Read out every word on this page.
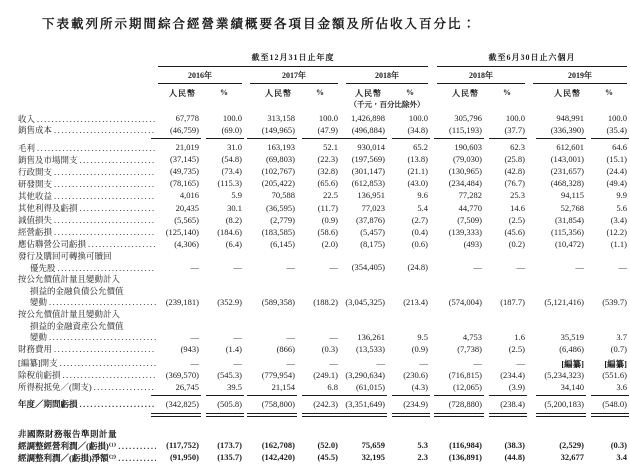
下表載列所示期間綜合經營業績概要各項目金額及所佔收入百分比：
截至12月31日止年度	截至6月30日止六個月
2016年	2017年	2018年	2018年	2019年
人民幣	%	人民幣	%	人民幣	%	人民幣	%	人民幣	%
（千元，百分比除外）
收入 .....	67,778	100.0	313,158	100.0 1,426,898	100.0	305,796	100.0	948,991	100.0
銷售成本 .....	(46,759)	(69.0) (149,965)	(47.9) (496,884)	(34.8) (115,193)	(37.7)	(336,390)	(35.4)
毛利 .....	21,019	31.0	163,193	52.1 930,014	65.2	190,603	62.3	612,601	64.6
銷售及市場開支 .....	(37,145)	(54.8)	(69,803)	(22.3) (197,569)	(13.8)	(79,030)	(25.8)	(143,001)	(15.1)
行政開支 .....	(49,735)	(73.4) (102,767)	(32.8) (301,147)	(21.1) (130,965)	(42.8)	(231,657)	(24.4)
研發開支 .....	(78,165) (115.3) (205,422)	(65.6) (612,853)	(43.0) (234,484)	(76.7)	(468,328)	(49.4)
其他收益 .....	4,016	5.9	70,588	22.5 136,951	9.6	77,282	25.3	94,115	9.9
其他利得及虧損 .....	20,435	30.1	(36,595)	(11.7)	77,023	5.4	44,770	14.6	52,768	5.6
減值損失 .....	(5,565)	(8.2)	(2,779)	(0.9) (37,876)	(2.7)	(7,509)	(2.5)	(31,854)	(3.4)
經營虧損 .....	(125,140) (184.6) (183,585)	(58.6)	(5,457)	(0.4) (139,333)	(45.6)	(115,356)	(12.2)
應佔聯營公司虧損 .....	(4,306)	(6.4)	(6,145)	(2.0)	(8,175)	(0.6)	(493)	(0.2)	(10,472)	(1.1)
發行及購回可轉換可贖回
優先股 .....	—	—	—	— (354,405)	(24.8)	—	—	—	—
按公允價值計量且變動計入
損益的金融負債公允價值
變動 .....	(239,181) (352.9) (589,358) (188.2) (3,045,325) (213.4) (574,004) (187.7) (5,121,416) (539.7)
按公允價值計量且變動計入
損益的金融資產公允價值
變動 .....	—	—	—	— 136,261	9.5	4,753	1.6	35,519	3.7
財務費用 .....	(943)	(1.4)	(866)	(0.3) (13,533)	(0.9)	(7,738)	(2.5)	(6,486)	(0.7)
[編纂]開支 .....	—	—	—	—	—	—	—	—	[編纂] [編纂]
除稅前虧損 .....	(369,570) (545.3) (779,954) (249.1) (3,290,634) (230.6) (716,815) (234.4) (5,234,323) (551.6)
所得稅抵免／(開支) .....	26,745	39.5	21,154	6.8 (61,015)	(4.3)	(12,065)	(3.9)	34,140	3.6
年度／期間虧損 .....	(342,825) (505.8) (758,800) (242.3) (3,351,649) (234.9) (728,880) (238.4) (5,200,183) (548.0)
非國際財務報告準則計量
經調整經營利潤／(虧損)⁽¹⁾ .....	(117,752) (173.7) (162,708)	(52.0)	75,659	5.3 (116,984)	(38.3)	(2,529)	(0.3)
經調整利潤／(虧損)淨額⁽²⁾ .....	(91,950) (135.7) (142,420)	(45.5)	32,195	2.3 (136,891)	(44.8)	32,677	3.4
